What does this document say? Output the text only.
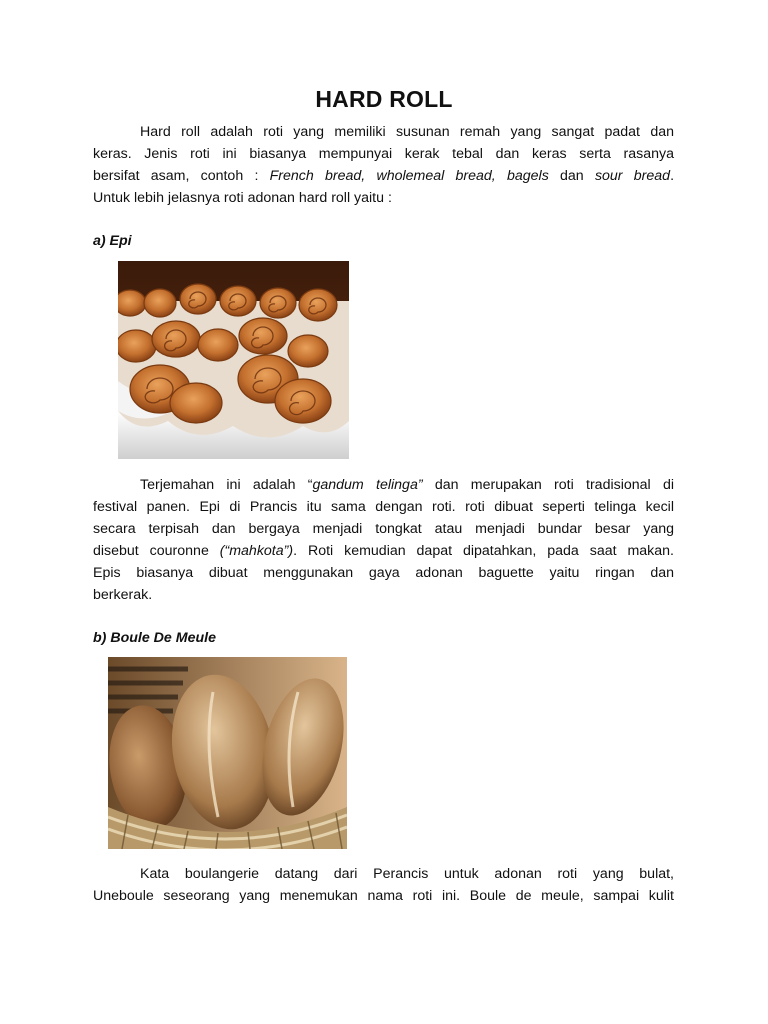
HARD ROLL
Hard roll adalah roti yang memiliki susunan remah yang sangat padat dan
keras. Jenis roti ini biasanya mempunyai kerak tebal dan keras serta rasanya
bersifat asam, contoh : French bread, wholemeal bread, bagels dan sour bread.
Untuk lebih jelasnya roti adonan hard roll yaitu :
a) Epi
Terjemahan ini adalah “gandum telinga” dan merupakan roti tradisional di
festival panen. Epi di Prancis itu sama dengan roti. roti dibuat seperti telinga kecil
secara terpisah dan bergaya menjadi tongkat atau menjadi bundar besar yang
disebut couronne (“mahkota”). Roti kemudian dapat dipatahkan, pada saat makan.
Epis biasanya dibuat menggunakan gaya adonan baguette yaitu ringan dan
berkerak.
b) Boule De Meule
Kata boulangerie datang dari Perancis untuk adonan roti yang bulat,
Uneboule seseorang yang menemukan nama roti ini. Boule de meule, sampai kulit
